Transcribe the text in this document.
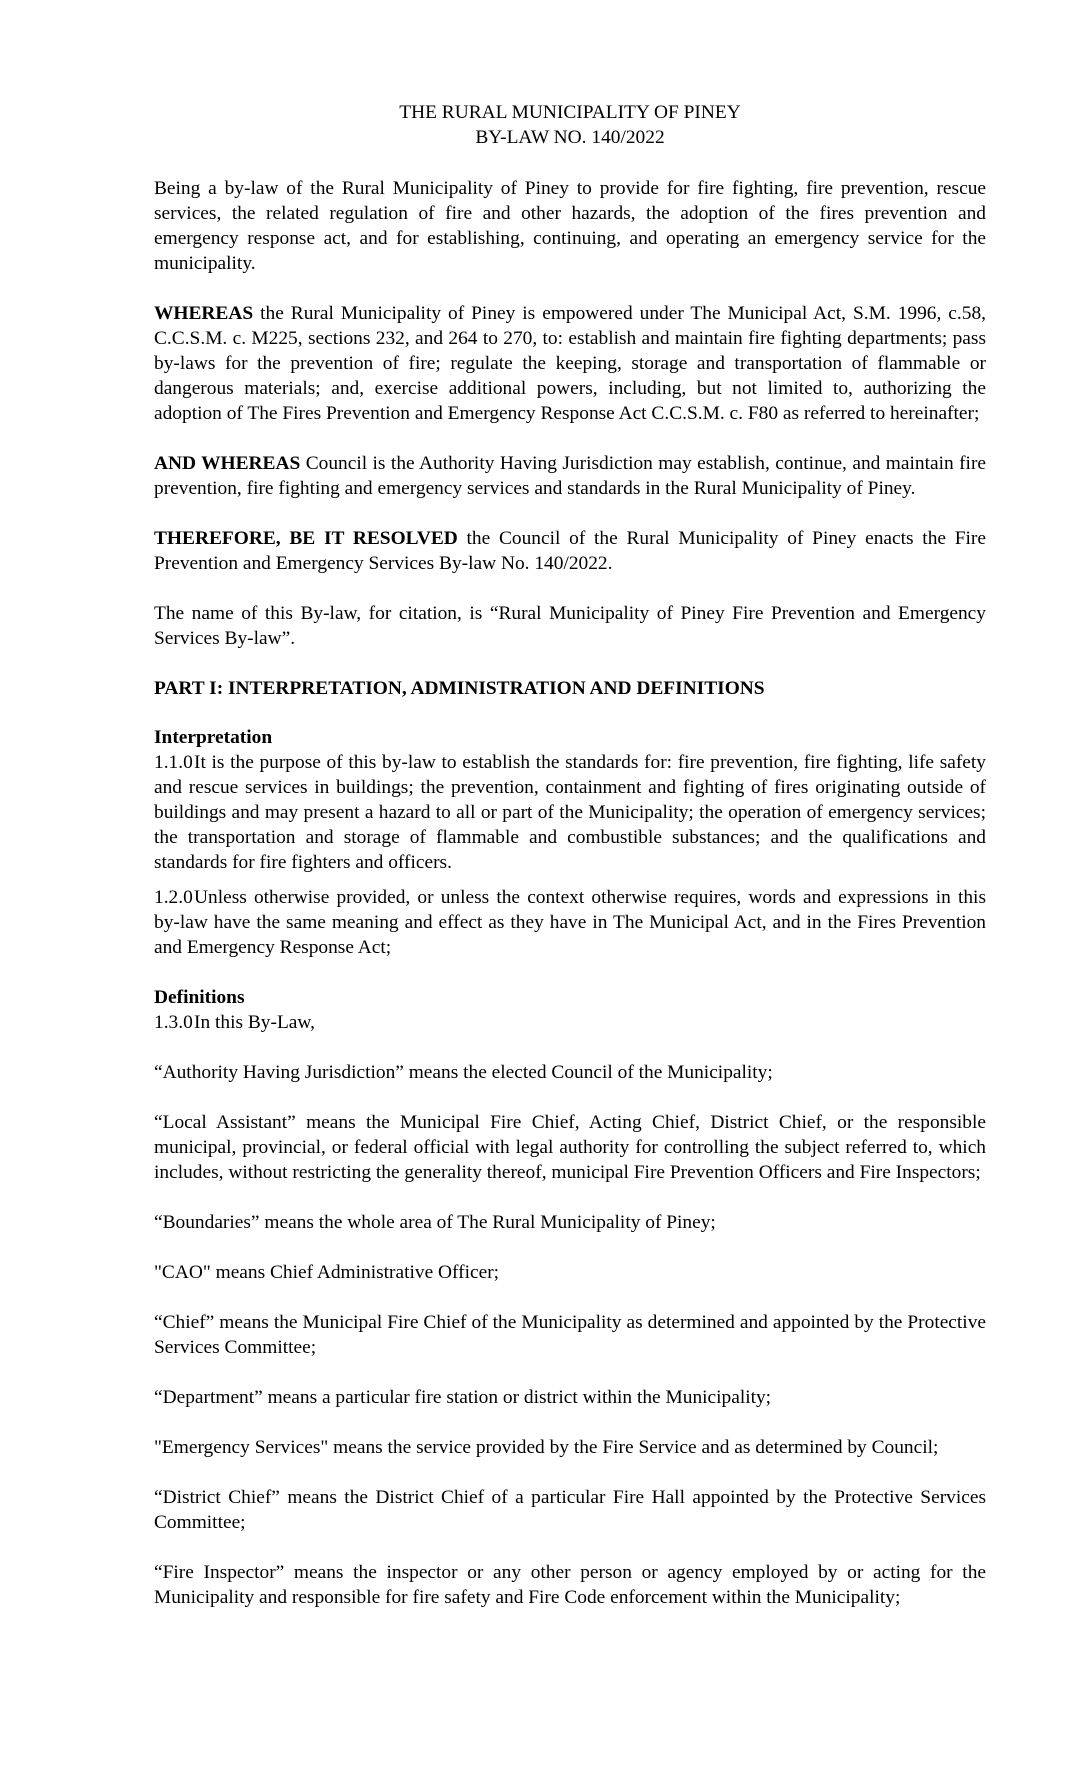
THE RURAL MUNICIPALITY OF PINEY
BY-LAW NO. 140/2022

Being a by-law of the Rural Municipality of Piney to provide for fire fighting, fire prevention, rescue services, the related regulation of fire and other hazards, the adoption of the fires prevention and emergency response act, and for establishing, continuing, and operating an emergency service for the municipality.

WHEREAS the Rural Municipality of Piney is empowered under The Municipal Act, S.M. 1996, c.58, C.C.S.M. c. M225, sections 232, and 264 to 270, to: establish and maintain fire fighting departments; pass by-laws for the prevention of fire; regulate the keeping, storage and transportation of flammable or dangerous materials; and, exercise additional powers, including, but not limited to, authorizing the adoption of The Fires Prevention and Emergency Response Act C.C.S.M. c. F80 as referred to hereinafter;

AND WHEREAS Council is the Authority Having Jurisdiction may establish, continue, and maintain fire prevention, fire fighting and emergency services and standards in the Rural Municipality of Piney.

THEREFORE, BE IT RESOLVED the Council of the Rural Municipality of Piney enacts the Fire Prevention and Emergency Services By-law No. 140/2022.

The name of this By-law, for citation, is “Rural Municipality of Piney Fire Prevention and Emergency Services By-law”.

PART I: INTERPRETATION, ADMINISTRATION AND DEFINITIONS

Interpretation
1.1.0It is the purpose of this by-law to establish the standards for: fire prevention, fire fighting, life safety and rescue services in buildings; the prevention, containment and fighting of fires originating outside of buildings and may present a hazard to all or part of the Municipality; the operation of emergency services; the transportation and storage of flammable and combustible substances; and the qualifications and standards for fire fighters and officers.

1.2.0Unless otherwise provided, or unless the context otherwise requires, words and expressions in this by-law have the same meaning and effect as they have in The Municipal Act, and in the Fires Prevention and Emergency Response Act;

Definitions
1.3.0In this By-Law,

“Authority Having Jurisdiction” means the elected Council of the Municipality;

“Local Assistant” means the Municipal Fire Chief, Acting Chief, District Chief, or the responsible municipal, provincial, or federal official with legal authority for controlling the subject referred to, which includes, without restricting the generality thereof, municipal Fire Prevention Officers and Fire Inspectors;

“Boundaries” means the whole area of The Rural Municipality of Piney;

"CAO" means Chief Administrative Officer;

“Chief” means the Municipal Fire Chief of the Municipality as determined and appointed by the Protective Services Committee;

“Department” means a particular fire station or district within the Municipality;

"Emergency Services" means the service provided by the Fire Service and as determined by Council;

“District Chief” means the District Chief of a particular Fire Hall appointed by the Protective Services Committee;

“Fire Inspector” means the inspector or any other person or agency employed by or acting for the Municipality and responsible for fire safety and Fire Code enforcement within the Municipality;
